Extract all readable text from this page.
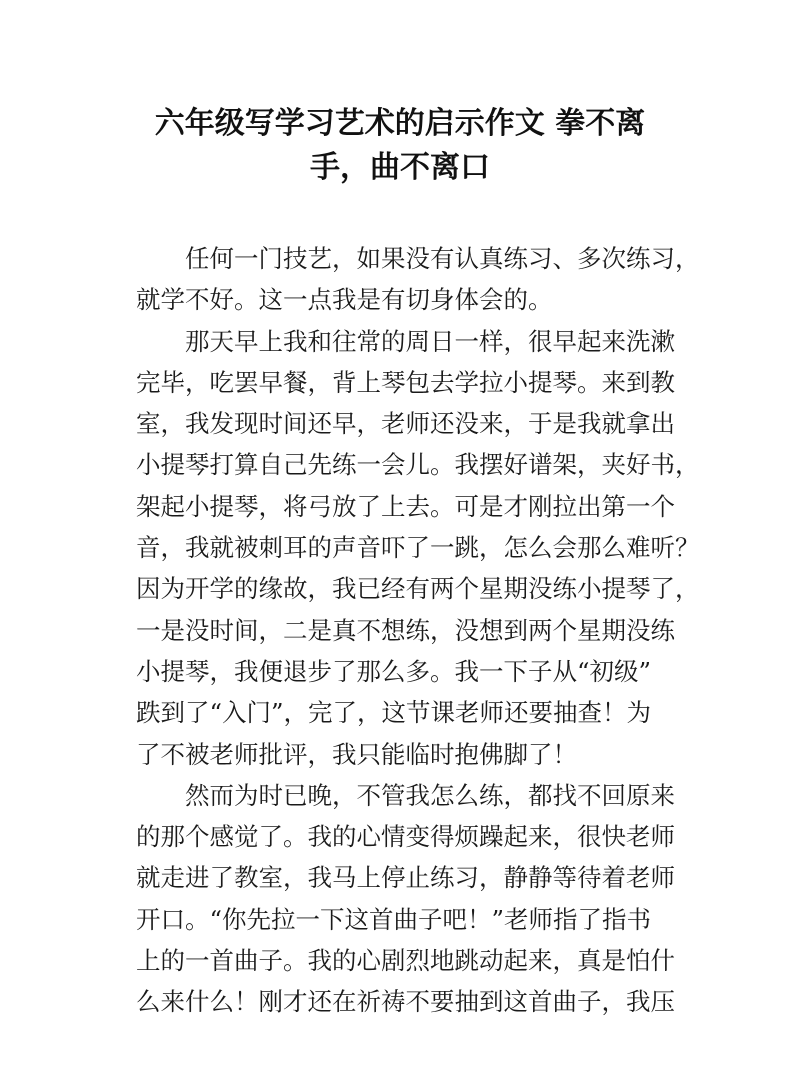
六年级写学习艺术的启示作文 拳不离
手，曲不离口

任何一门技艺，如果没有认真练习、多次练习，

就学不好。这一点我是有切身体会的。

那天早上我和往常的周日一样，很早起来洗漱

完毕，吃罢早餐，背上琴包去学拉小提琴。来到教

室，我发现时间还早，老师还没来，于是我就拿出

小提琴打算自己先练一会儿。我摆好谱架，夹好书，

架起小提琴，将弓放了上去。可是才刚拉出第一个

音，我就被刺耳的声音吓了一跳，怎么会那么难听？

因为开学的缘故，我已经有两个星期没练小提琴了，

一是没时间，二是真不想练，没想到两个星期没练

小提琴，我便退步了那么多。我一下子从“初级”

跌到了“入门”，完了，这节课老师还要抽查！为

了不被老师批评，我只能临时抱佛脚了！

然而为时已晚，不管我怎么练，都找不回原来

的那个感觉了。我的心情变得烦躁起来，很快老师

就走进了教室，我马上停止练习，静静等待着老师

开口。“你先拉一下这首曲子吧！”老师指了指书

上的一首曲子。我的心剧烈地跳动起来，真是怕什

么来什么！刚才还在祈祷不要抽到这首曲子，我压
